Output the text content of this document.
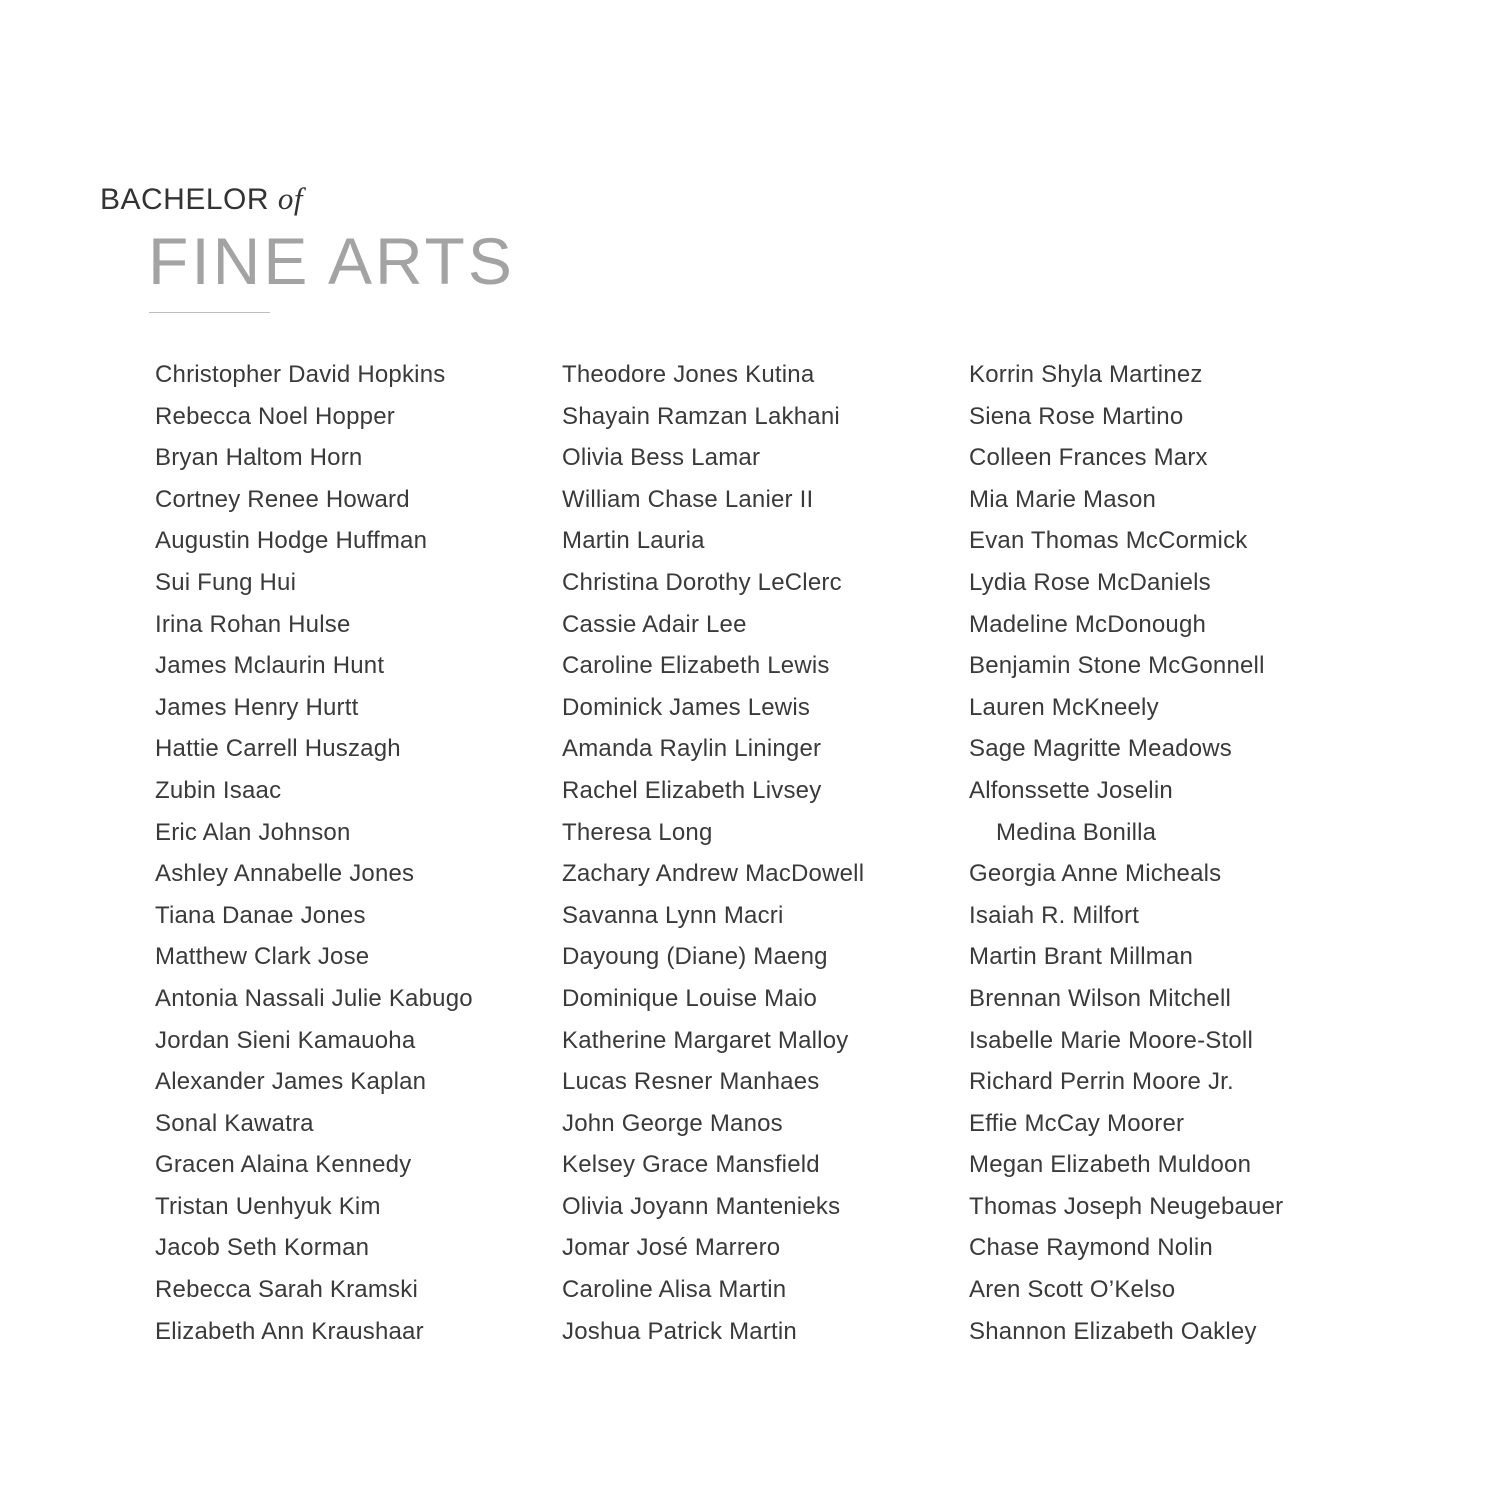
BACHELOR of
FINE ARTS
Christopher David Hopkins
Rebecca Noel Hopper
Bryan Haltom Horn
Cortney Renee Howard
Augustin Hodge Huffman
Sui Fung Hui
Irina Rohan Hulse
James Mclaurin Hunt
James Henry Hurtt
Hattie Carrell Huszagh
Zubin Isaac
Eric Alan Johnson
Ashley Annabelle Jones
Tiana Danae Jones
Matthew Clark Jose
Antonia Nassali Julie Kabugo
Jordan Sieni Kamauoha
Alexander James Kaplan
Sonal Kawatra
Gracen Alaina Kennedy
Tristan Uenhyuk Kim
Jacob Seth Korman
Rebecca Sarah Kramski
Elizabeth Ann Kraushaar
Theodore Jones Kutina
Shayain Ramzan Lakhani
Olivia Bess Lamar
William Chase Lanier II
Martin Lauria
Christina Dorothy LeClerc
Cassie Adair Lee
Caroline Elizabeth Lewis
Dominick James Lewis
Amanda Raylin Lininger
Rachel Elizabeth Livsey
Theresa Long
Zachary Andrew MacDowell
Savanna Lynn Macri
Dayoung (Diane) Maeng
Dominique Louise Maio
Katherine Margaret Malloy
Lucas Resner Manhaes
John George Manos
Kelsey Grace Mansfield
Olivia Joyann Mantenieks
Jomar José Marrero
Caroline Alisa Martin
Joshua Patrick Martin
Korrin Shyla Martinez
Siena Rose Martino
Colleen Frances Marx
Mia Marie Mason
Evan Thomas McCormick
Lydia Rose McDaniels
Madeline McDonough
Benjamin Stone McGonnell
Lauren McKneely
Sage Magritte Meadows
Alfonssette Joselin
Medina Bonilla
Georgia Anne Micheals
Isaiah R. Milfort
Martin Brant Millman
Brennan Wilson Mitchell
Isabelle Marie Moore-Stoll
Richard Perrin Moore Jr.
Effie McCay Moorer
Megan Elizabeth Muldoon
Thomas Joseph Neugebauer
Chase Raymond Nolin
Aren Scott O’Kelso
Shannon Elizabeth Oakley
